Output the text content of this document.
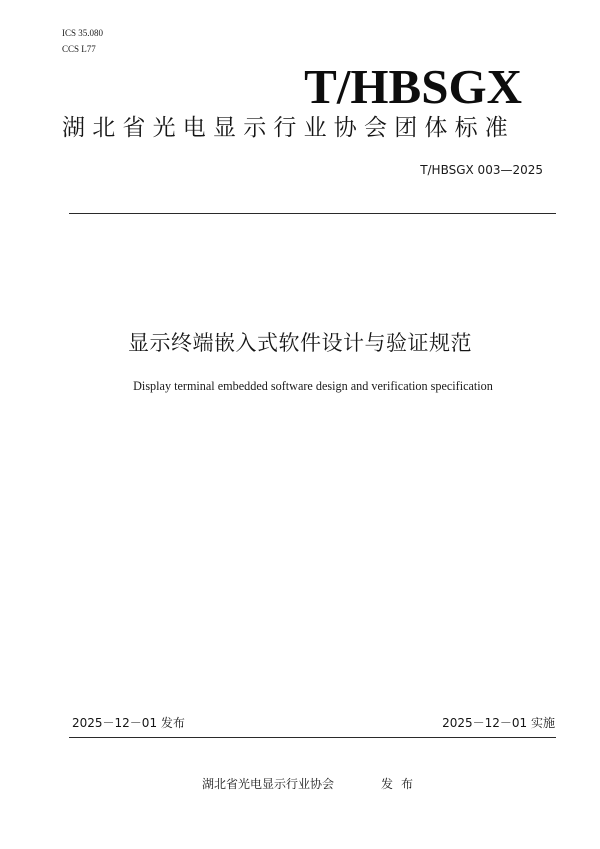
ICS 35.080
CCS L77
T/HBSGX
湖北省光电显示行业协会团体标准
T/HBSGX 003—2025
显示终端嵌入式软件设计与验证规范
Display terminal embedded software design and verification specification
2025－12－01 发布	2025－12－01 实施
湖北省光电显示行业协会	发布
